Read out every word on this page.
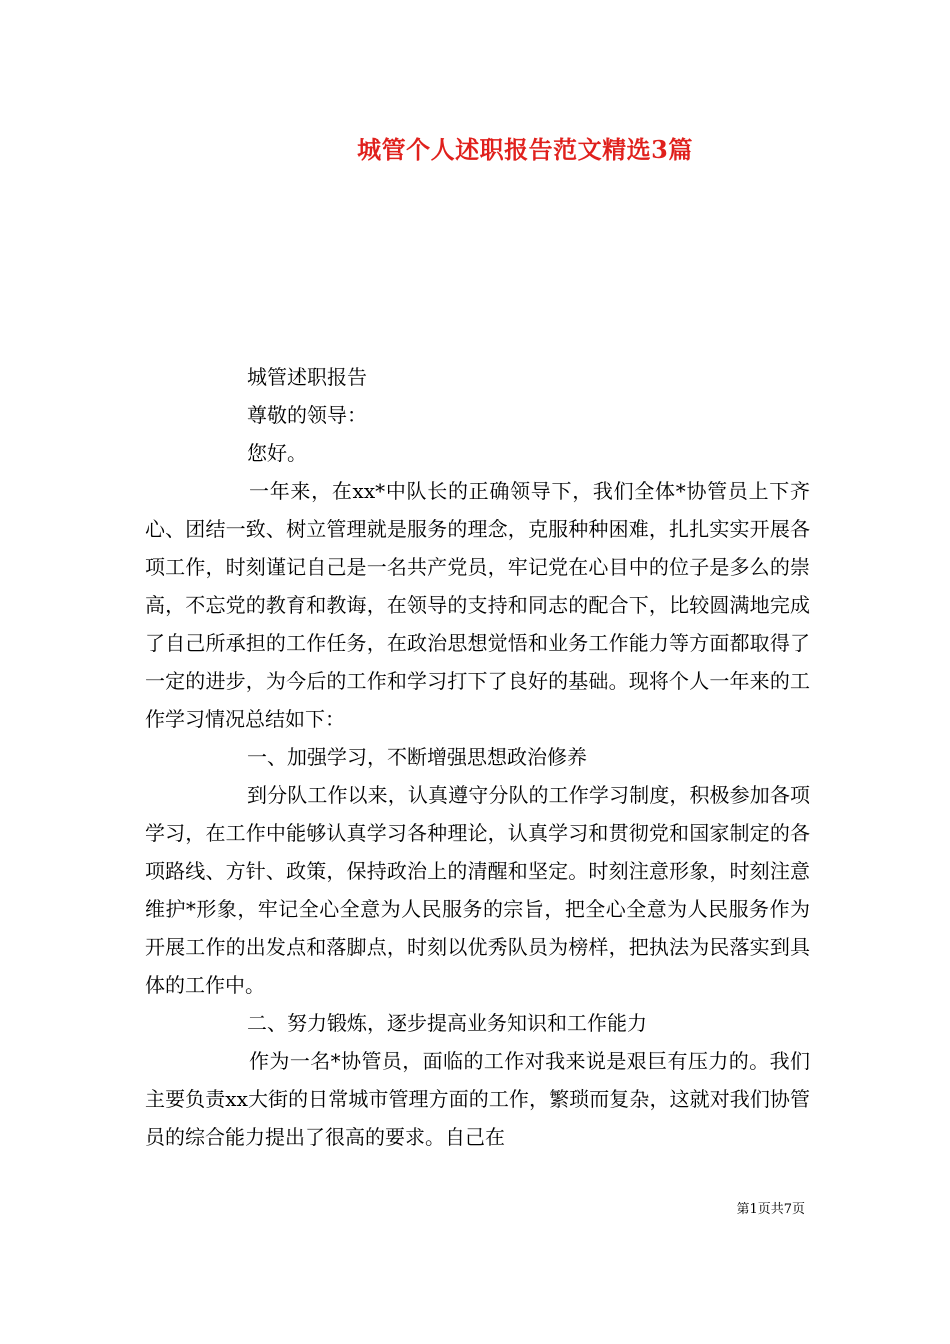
城管个人述职报告范文精选3篇

城管述职报告

尊敬的领导：

您好。

一年来，在xx*中队长的正确领导下，我们全体*协管员上下齐心、团结一致、树立管理就是服务的理念，克服种种困难，扎扎实实开展各项工作，时刻谨记自己是一名共产党员，牢记党在心目中的位子是多么的崇高，不忘党的教育和教诲，在领导的支持和同志的配合下，比较圆满地完成了自己所承担的工作任务，在政治思想觉悟和业务工作能力等方面都取得了一定的进步，为今后的工作和学习打下了良好的基础。现将个人一年来的工作学习情况总结如下：

一、加强学习，不断增强思想政治修养

到分队工作以来，认真遵守分队的工作学习制度，积极参加各项学习，在工作中能够认真学习各种理论，认真学习和贯彻党和国家制定的各项路线、方针、政策，保持政治上的清醒和坚定。时刻注意形象，时刻注意维护*形象，牢记全心全意为人民服务的宗旨，把全心全意为人民服务作为开展工作的出发点和落脚点，时刻以优秀队员为榜样，把执法为民落实到具体的工作中。

二、努力锻炼，逐步提高业务知识和工作能力

作为一名*协管员，面临的工作对我来说是艰巨有压力的。我们主要负责xx大街的日常城市管理方面的工作，繁琐而复杂，这就对我们协管员的综合能力提出了很高的要求。自己在

第1页共7页
